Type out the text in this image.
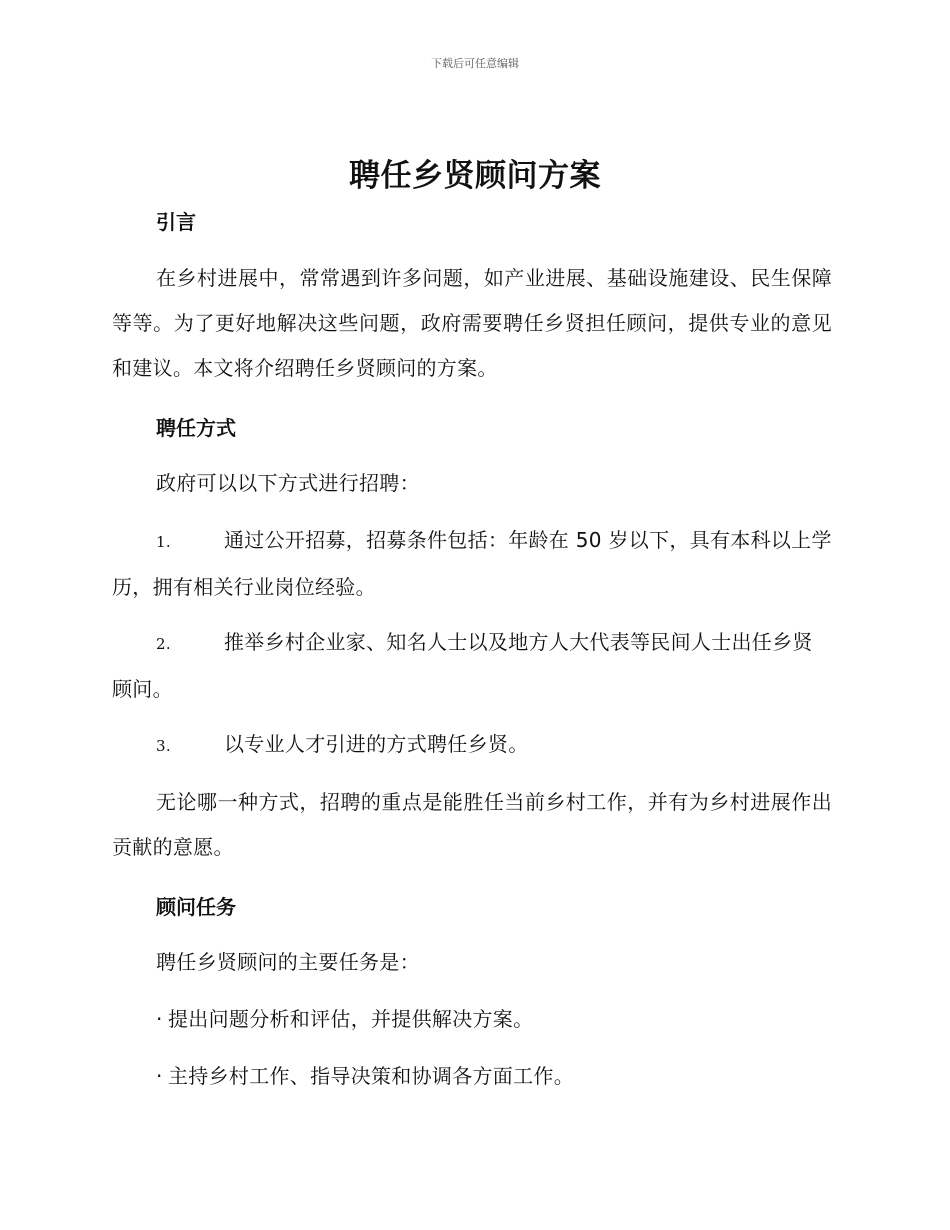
下载后可任意编辑
聘任乡贤顾问方案
引言

在乡村进展中，常常遇到许多问题，如产业进展、基础设施建设、民生保障等等。为了更好地解决这些问题，政府需要聘任乡贤担任顾问，提供专业的意见和建议。本文将介绍聘任乡贤顾问的方案。

聘任方式

政府可以以下方式进行招聘：

1.	通过公开招募，招募条件包括：年龄在 50 岁以下，具有本科以上学历，拥有相关行业岗位经验。

2.	推举乡村企业家、知名人士以及地方人大代表等民间人士出任乡贤顾问。

3.	以专业人才引进的方式聘任乡贤。

无论哪一种方式，招聘的重点是能胜任当前乡村工作，并有为乡村进展作出贡献的意愿。

顾问任务

聘任乡贤顾问的主要任务是：

· 提出问题分析和评估，并提供解决方案。

· 主持乡村工作、指导决策和协调各方面工作。
